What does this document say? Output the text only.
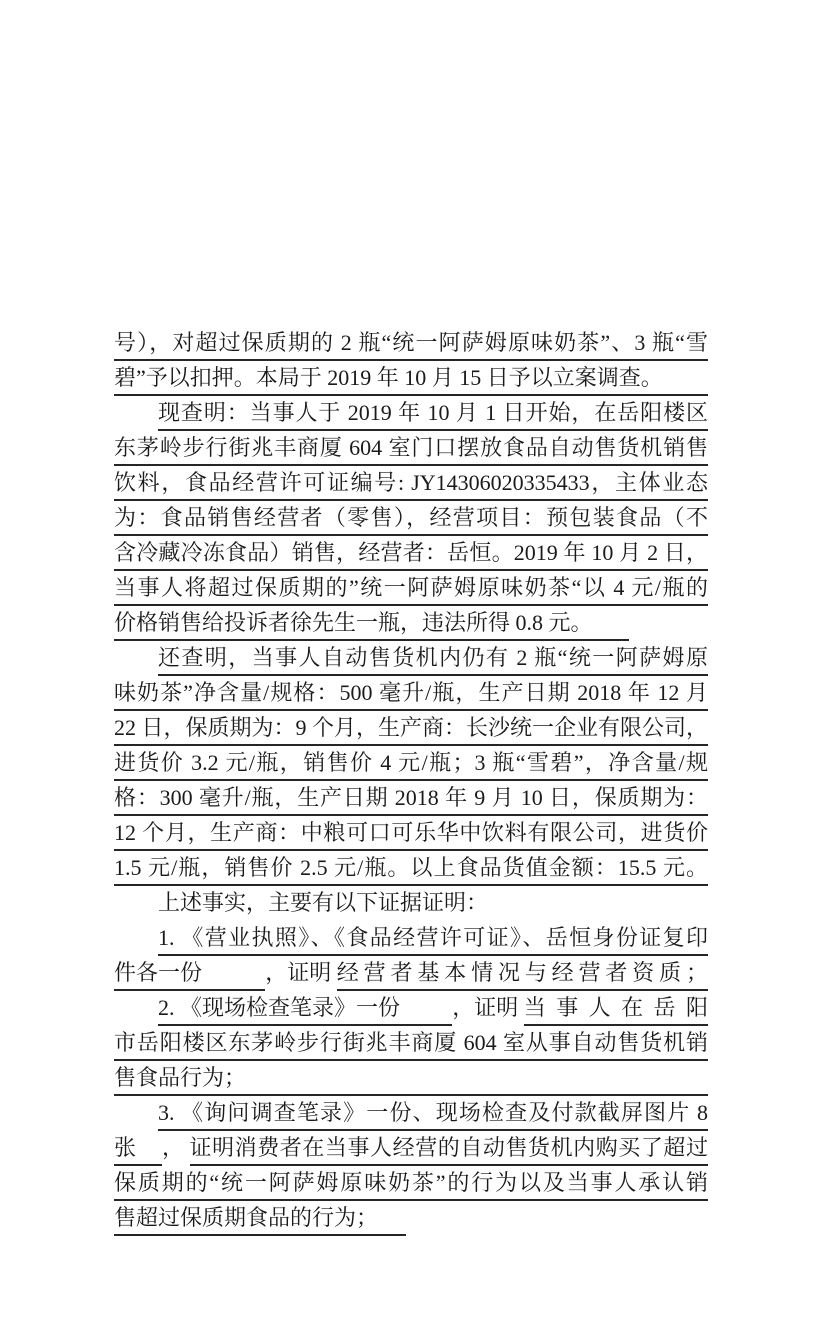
号），对超过保质期的 2 瓶“统一阿萨姆原味奶茶”、3 瓶“雪
碧”予以扣押。本局于 2019 年 10 月 15 日予以立案调查。
现查明：当事人于 2019 年 10 月 1 日开始，在岳阳楼区
东茅岭步行街兆丰商厦 604 室门口摆放食品自动售货机销售
饮料，食品经营许可证编号: JY14306020335433，主体业态
为：食品销售经营者（零售），经营项目：预包装食品（不
含冷藏冷冻食品）销售，经营者：岳恒。2019 年 10 月 2 日，
当事人将超过保质期的”统一阿萨姆原味奶茶“以 4 元/瓶的
价格销售给投诉者徐先生一瓶，违法所得 0.8 元。
还查明，当事人自动售货机内仍有 2 瓶“统一阿萨姆原
味奶茶”净含量/规格：500 毫升/瓶，生产日期 2018 年 12 月
22 日，保质期为：9 个月，生产商：长沙统一企业有限公司，
进货价 3.2 元/瓶，销售价 4 元/瓶；3 瓶“雪碧”，净含量/规
格：300 毫升/瓶，生产日期 2018 年 9 月 10 日，保质期为：
12 个月，生产商：中粮可口可乐华中饮料有限公司，进货价
1.5 元/瓶，销售价 2.5 元/瓶。以上食品货值金额：15.5 元。
上述事实，主要有以下证据证明：
1. 《营业执照》、《食品经营许可证》、岳恒身份证复印
件各一份	，证明 经营者基本情况与经营者资质；
2. 《现场检查笔录》一份 ，证明 当事人在岳阳
市岳阳楼区东茅岭步行街兆丰商厦 604 室从事自动售货机销
售食品行为；
3. 《询问调查笔录》一份、现场检查及付款截屏图片 8
张 ， 证明消费者在当事人经营的自动售货机内购买了超过
保质期的“统一阿萨姆原味奶茶”的行为以及当事人承认销
售超过保质期食品的行为；
